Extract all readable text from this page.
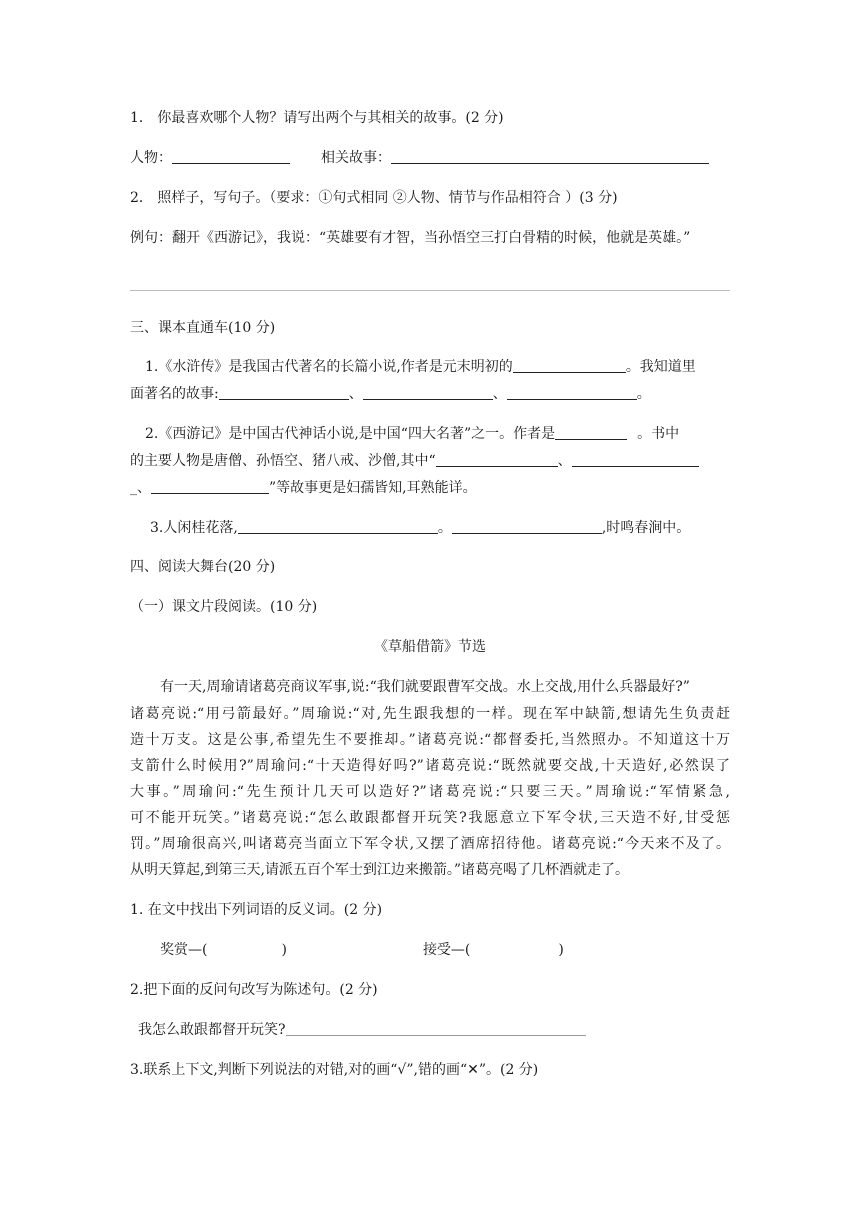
1． 你最喜欢哪个人物？请写出两个与其相关的故事。(2 分)
人物：	相关故事：
2． 照样子，写句子。（要求：①句式相同 ②人物、情节与作品相符合 ）(3 分)
例句：翻开《西游记》，我说：“英雄要有才智，当孙悟空三打白骨精的时候，他就是英雄。”
三、课本直通车(10 分)
1.《水浒传》是我国古代著名的长篇小说,作者是元末明初的	。我知道里
面著名的故事:	、	、	。
2.《西游记》是中国古代神话小说,是中国“四大名著”之一。作者是	。书中
的主要人物是唐僧、孙悟空、猪八戒、沙僧,其中“	、
_、	”等故事更是妇孺皆知,耳熟能详。
3.人闲桂花落,	。	,时鸣春涧中。
四、阅读大舞台(20 分)
（一）课文片段阅读。(10 分)
《草船借箭》节选
有一天,周瑜请诸葛亮商议军事,说:“我们就要跟曹军交战。水上交战,用什么兵器最好?”
诸葛亮说:“用弓箭最好。”周瑜说:“对,先生跟我想的一样。现在军中缺箭,想请先生负责赶
造十万支。这是公事,希望先生不要推却。”诸葛亮说:“都督委托,当然照办。不知道这十万
支箭什么时候用?”周瑜问:“十天造得好吗?”诸葛亮说:“既然就要交战,十天造好,必然误了
大事。”周瑜问:“先生预计几天可以造好?”诸葛亮说:“只要三天。”周瑜说:“军情紧急,
可不能开玩笑。”诸葛亮说:“怎么敢跟都督开玩笑?我愿意立下军令状,三天造不好,甘受惩
罚。”周瑜很高兴,叫诸葛亮当面立下军令状,又摆了酒席招待他。诸葛亮说:“今天来不及了。
从明天算起,到第三天,请派五百个军士到江边来搬箭。”诸葛亮喝了几杯酒就走了。
1. 在文中找出下列词语的反义词。(2 分)
奖赏—(	)	接受—(	)
2.把下面的反问句改写为陈述句。(2 分)
我怎么敢跟都督开玩笑?
3.联系上下文,判断下列说法的对错,对的画“√”,错的画“✕”。(2 分)
